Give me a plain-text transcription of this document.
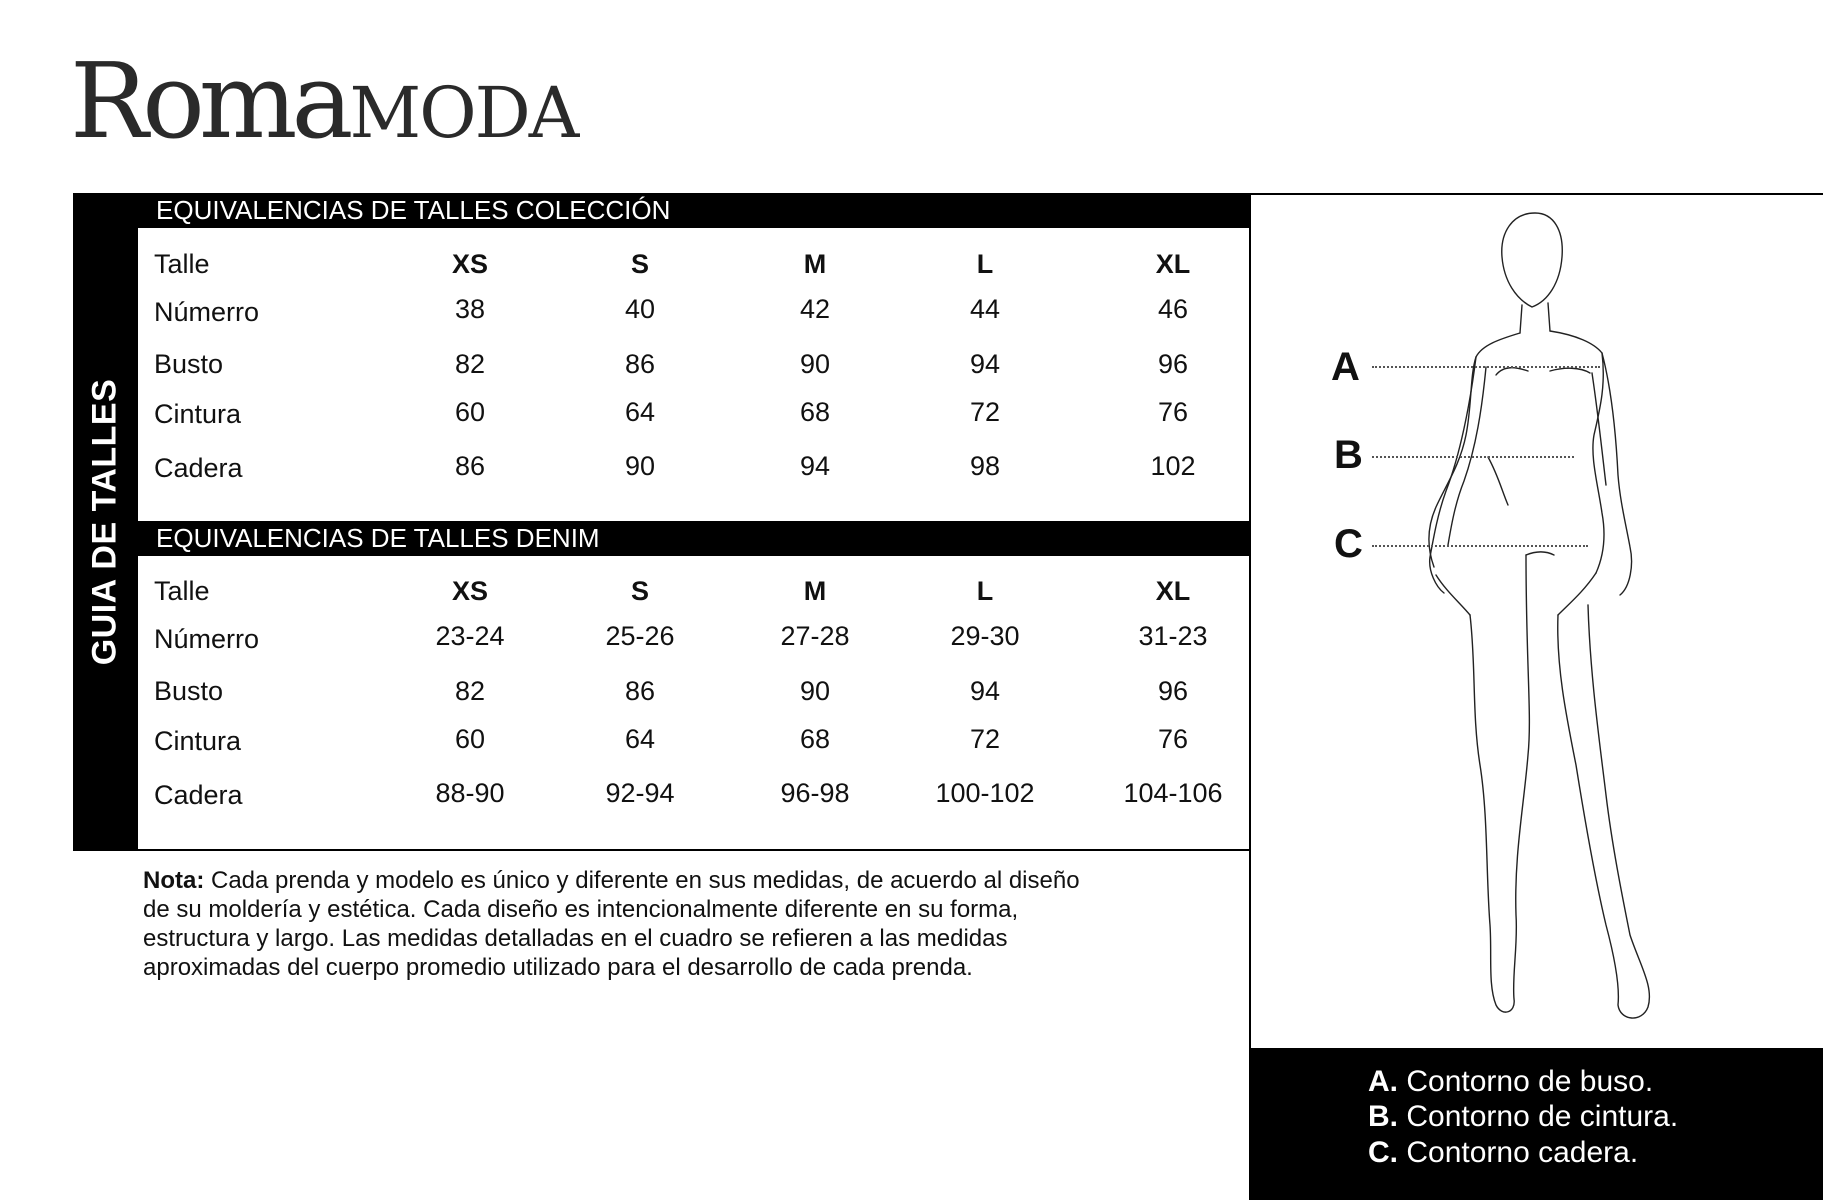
Roma MODA
GUIA DE TALLES
EQUIVALENCIAS DE TALLES COLECCIÓN
Talle	XS	S	M	L	XL
Númerro	38	40	42	44	46
Busto	82	86	90	94	96
Cintura	60	64	68	72	76
Cadera	86	90	94	98	102
EQUIVALENCIAS DE TALLES DENIM
Talle	XS	S	M	L	XL
Númerro	23-24	25-26	27-28	29-30	31-23
Busto	82	86	90	94	96
Cintura	60	64	68	72	76
Cadera	88-90	92-94	96-98	100-102	104-106
Nota: Cada prenda y modelo es único y diferente en sus medidas, de acuerdo al diseño
de su moldería y estética. Cada diseño es intencionalmente diferente en su forma,
estructura y largo. Las medidas detalladas en el cuadro se refieren a las medidas
aproximadas del cuerpo promedio utilizado para el desarrollo de cada prenda.
A
B
C
A. Contorno de buso.
B. Contorno de cintura.
C. Contorno cadera.
